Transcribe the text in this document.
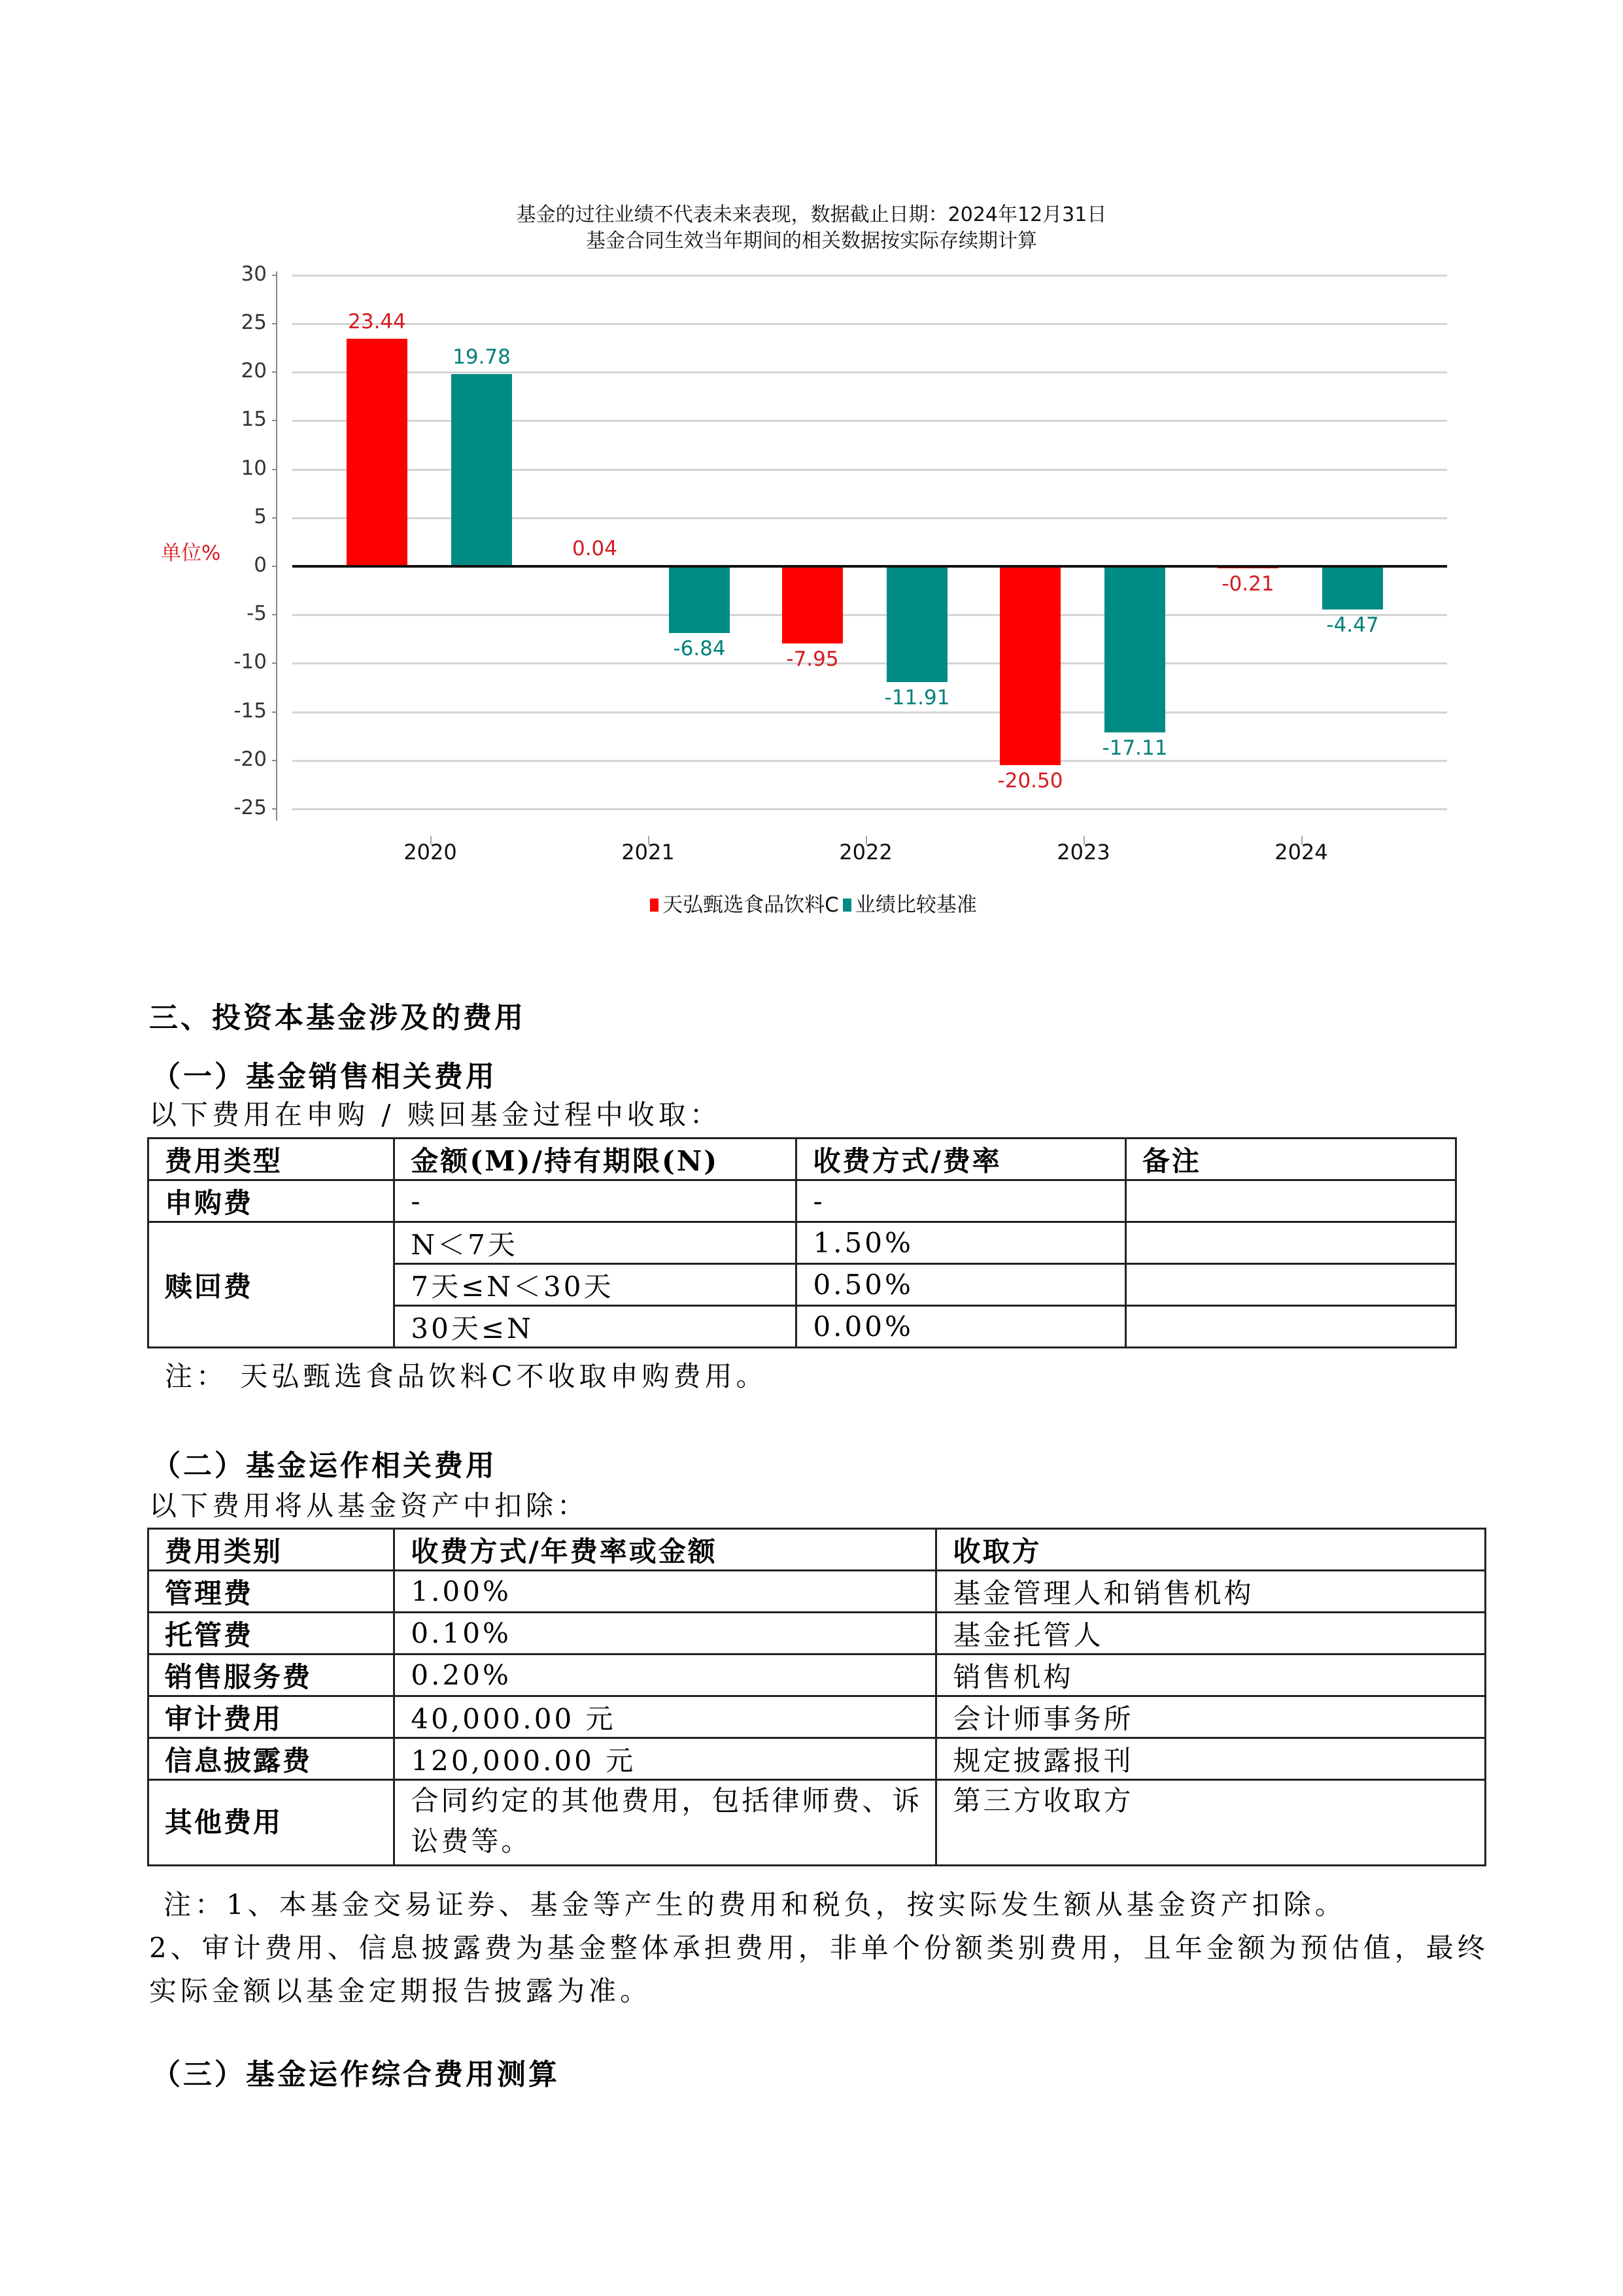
基金的过往业绩不代表未来表现，数据截止日期：2024年12月31日
基金合同生效当年期间的相关数据按实际存续期计算
单位%
30
25
20
15
10
5
0
-5
-10
-15
-20
-25
23.44
19.78
0.04
-6.84	-7.95
-11.91
-20.50
-17.11
-0.21
-4.47
2020	2021	2022	2023	2024
天弘甄选食品饮料C 业绩比较基准
三、投资本基金涉及的费用
（一）基金销售相关费用
以下费用在申购 / 赎回基金过程中收取：
费用类型	金额(M)/持有期限(N)	收费方式/费率	备注
申购费	-	-	
赎回费	N＜7天	1.50%	
	7天≤N＜30天	0.50%	
	30天≤N	0.00%	
注： 天弘甄选食品饮料C不收取申购费用。
（二）基金运作相关费用
以下费用将从基金资产中扣除：
费用类别	收费方式/年费率或金额	收取方
管理费	1.00%	基金管理人和销售机构
托管费	0.10%	基金托管人
销售服务费	0.20%	销售机构
审计费用	40,000.00 元	会计师事务所
信息披露费	120,000.00 元	规定披露报刊
其他费用	合同约定的其他费用，包括律师费、诉讼费等。	第三方收取方
注：1、本基金交易证券、基金等产生的费用和税负，按实际发生额从基金资产扣除。
2、审计费用、信息披露费为基金整体承担费用，非单个份额类别费用，且年金额为预估值，最终实际金额以基金定期报告披露为准。
（三）基金运作综合费用测算
